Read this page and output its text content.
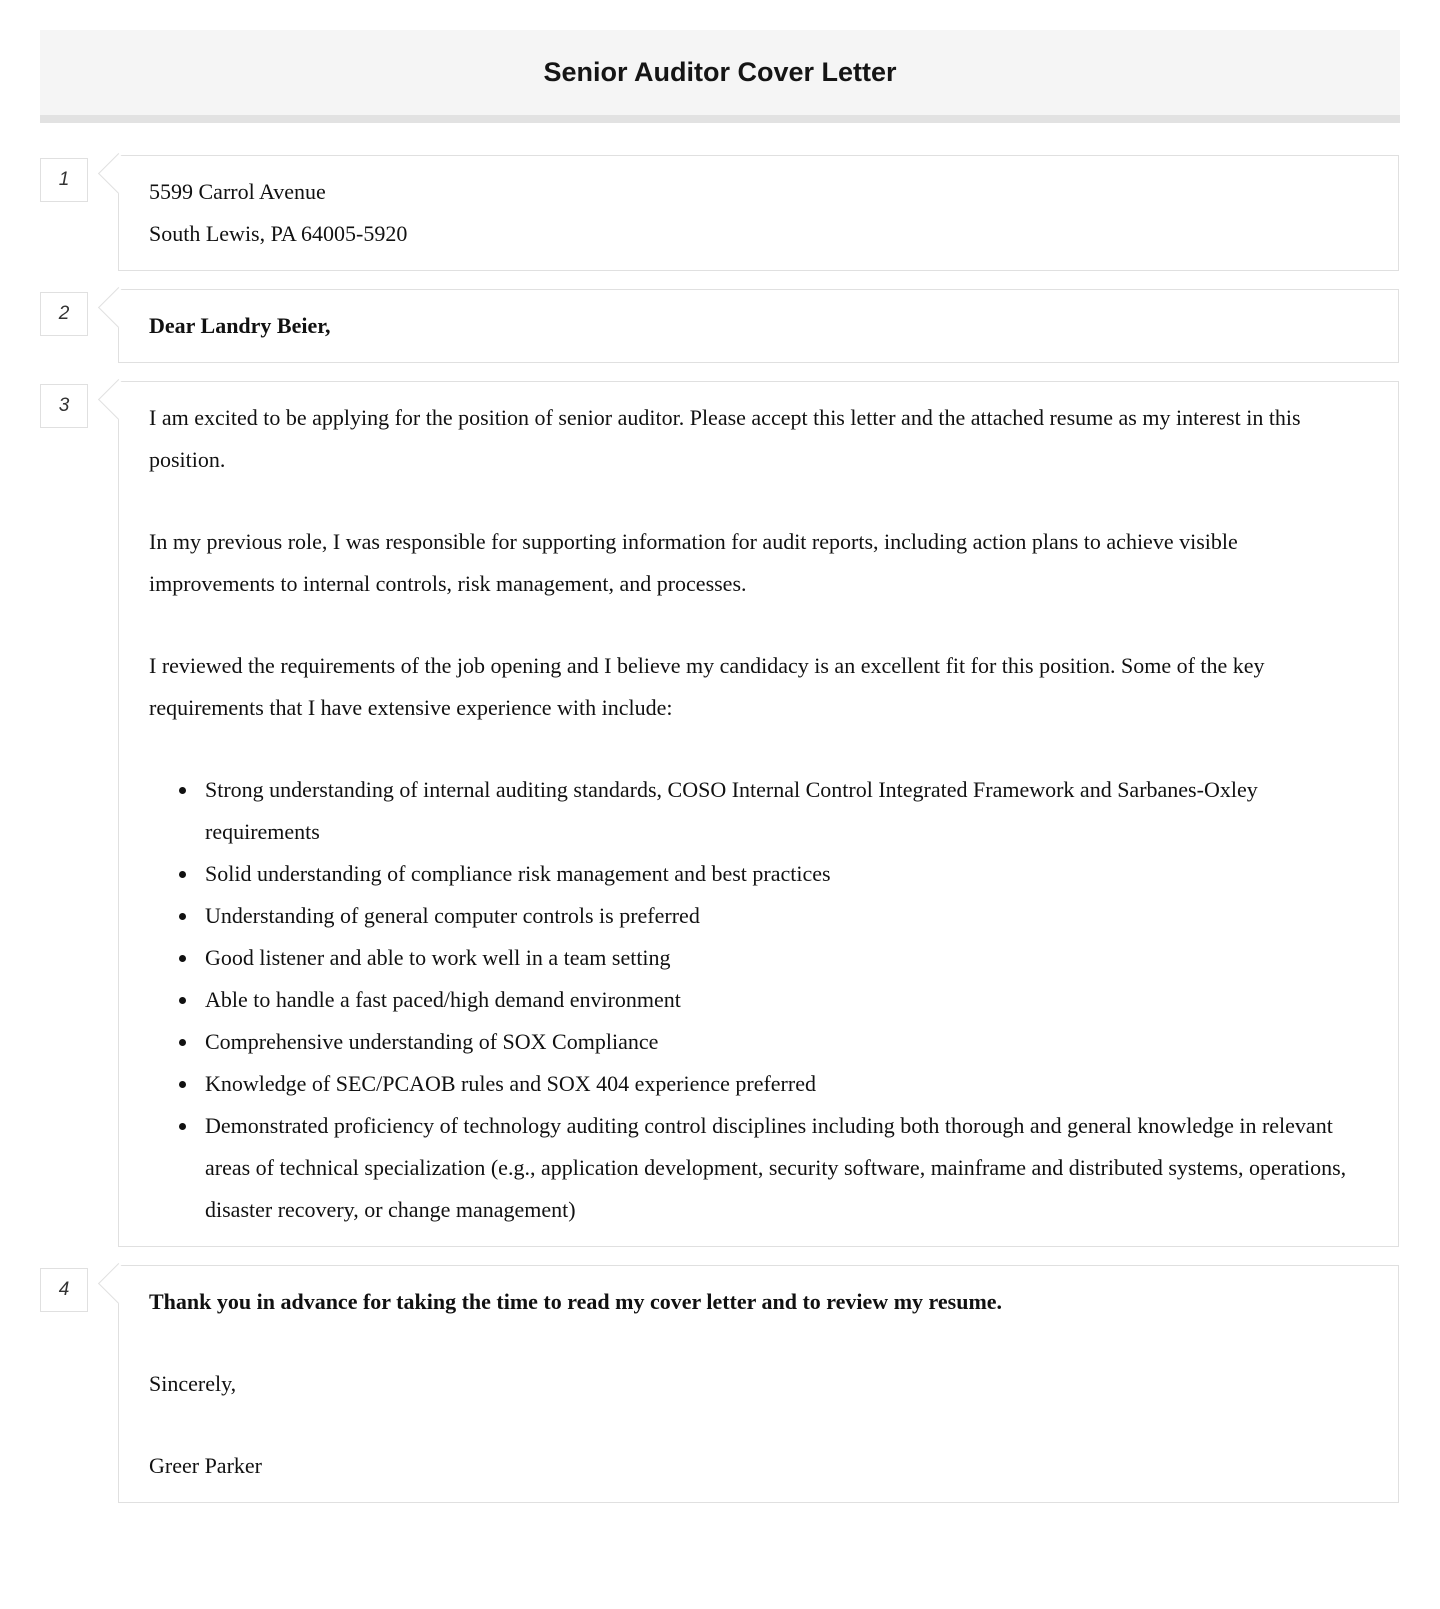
Senior Auditor Cover Letter
1	5599 Carrol Avenue

South Lewis, PA 64005-5920

2	Dear Landry Beier,

3	I am excited to be applying for the position of senior auditor. Please accept this letter and the attached resume as my interest in this position.

In my previous role, I was responsible for supporting information for audit reports, including action plans to achieve visible improvements to internal controls, risk management, and processes.

I reviewed the requirements of the job opening and I believe my candidacy is an excellent fit for this position. Some of the key requirements that I have extensive experience with include:

• Strong understanding of internal auditing standards, COSO Internal Control Integrated Framework and Sarbanes-Oxley requirements
• Solid understanding of compliance risk management and best practices
• Understanding of general computer controls is preferred
• Good listener and able to work well in a team setting
• Able to handle a fast paced/high demand environment
• Comprehensive understanding of SOX Compliance
• Knowledge of SEC/PCAOB rules and SOX 404 experience preferred
• Demonstrated proficiency of technology auditing control disciplines including both thorough and general knowledge in relevant areas of technical specialization (e.g., application development, security software, mainframe and distributed systems, operations, disaster recovery, or change management)
4	Thank you in advance for taking the time to read my cover letter and to review my resume.

Sincerely,

Greer Parker
